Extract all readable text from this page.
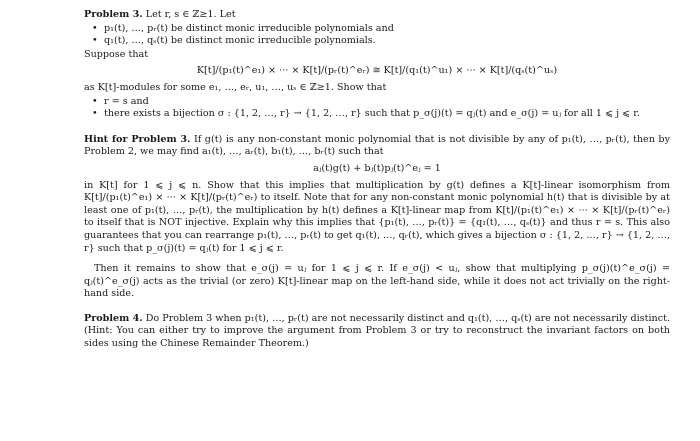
Problem 3. Let r, s ∈ ℤ≥1. Let

• p₁(t), …, pᵣ(t) be distinct monic irreducible polynomials and
• q₁(t), …, qₛ(t) be distinct monic irreducible polynomials.

Suppose that

K[t]/(p₁(t)^e₁) × ··· × K[t]/(pᵣ(t)^eᵣ) ≅ K[t]/(q₁(t)^u₁) × ··· × K[t]/(qₛ(t)^uₛ)

as K[t]-modules for some e₁, …, eᵣ, u₁, …, uₛ ∈ ℤ≥1. Show that

• r = s and
• there exists a bijection σ : {1, 2, …, r} → {1, 2, …, r} such that p_σ(j)(t) = qⱼ(t) and e_σ(j) = uⱼ for all 1 ⩽ j ⩽ r.

Hint for Problem 3. If g(t) is any non-constant monic polynomial that is not divisible by any of p₁(t), …, pᵣ(t), then by Problem 2, we may find a₁(t), …, aᵣ(t), b₁(t), …, bᵣ(t) such that

aⱼ(t)g(t) + bⱼ(t)pⱼ(t)^eⱼ = 1

in K[t] for 1 ⩽ j ⩽ n. Show that this implies that multiplication by g(t) defines a K[t]-linear isomorphism from K[t]/(p₁(t)^e₁) × ··· × K[t]/(pᵣ(t)^eᵣ) to itself. Note that for any non-constant monic polynomial h(t) that is divisible by at least one of p₁(t), …, pᵣ(t), the multiplication by h(t) defines a K[t]-linear map from K[t]/(p₁(t)^e₁) × ··· × K[t]/(pᵣ(t)^eᵣ) to itself that is NOT injective. Explain why this implies that {p₁(t), …, pᵣ(t)} = {q₁(t), …, qₛ(t)} and thus r = s. This also guarantees that you can rearrange p₁(t), …, pᵣ(t) to get q₁(t), …, qᵣ(t), which gives a bijection σ : {1, 2, …, r} → {1, 2, …, r} such that p_σ(j)(t) = qⱼ(t) for 1 ⩽ j ⩽ r.

Then it remains to show that e_σ(j) = uⱼ for 1 ⩽ j ⩽ r. If e_σ(j) < uⱼ, show that multiplying p_σ(j)(t)^e_σ(j) = qⱼ(t)^e_σ(j) acts as the trivial (or zero) K[t]-linear map on the left-hand side, while it does not act trivially on the right-hand side.

Problem 4. Do Problem 3 when p₁(t), …, pᵣ(t) are not necessarily distinct and q₁(t), …, qₛ(t) are not necessarily distinct. (Hint: You can either try to improve the argument from Problem 3 or try to reconstruct the invariant factors on both sides using the Chinese Remainder Theorem.)
